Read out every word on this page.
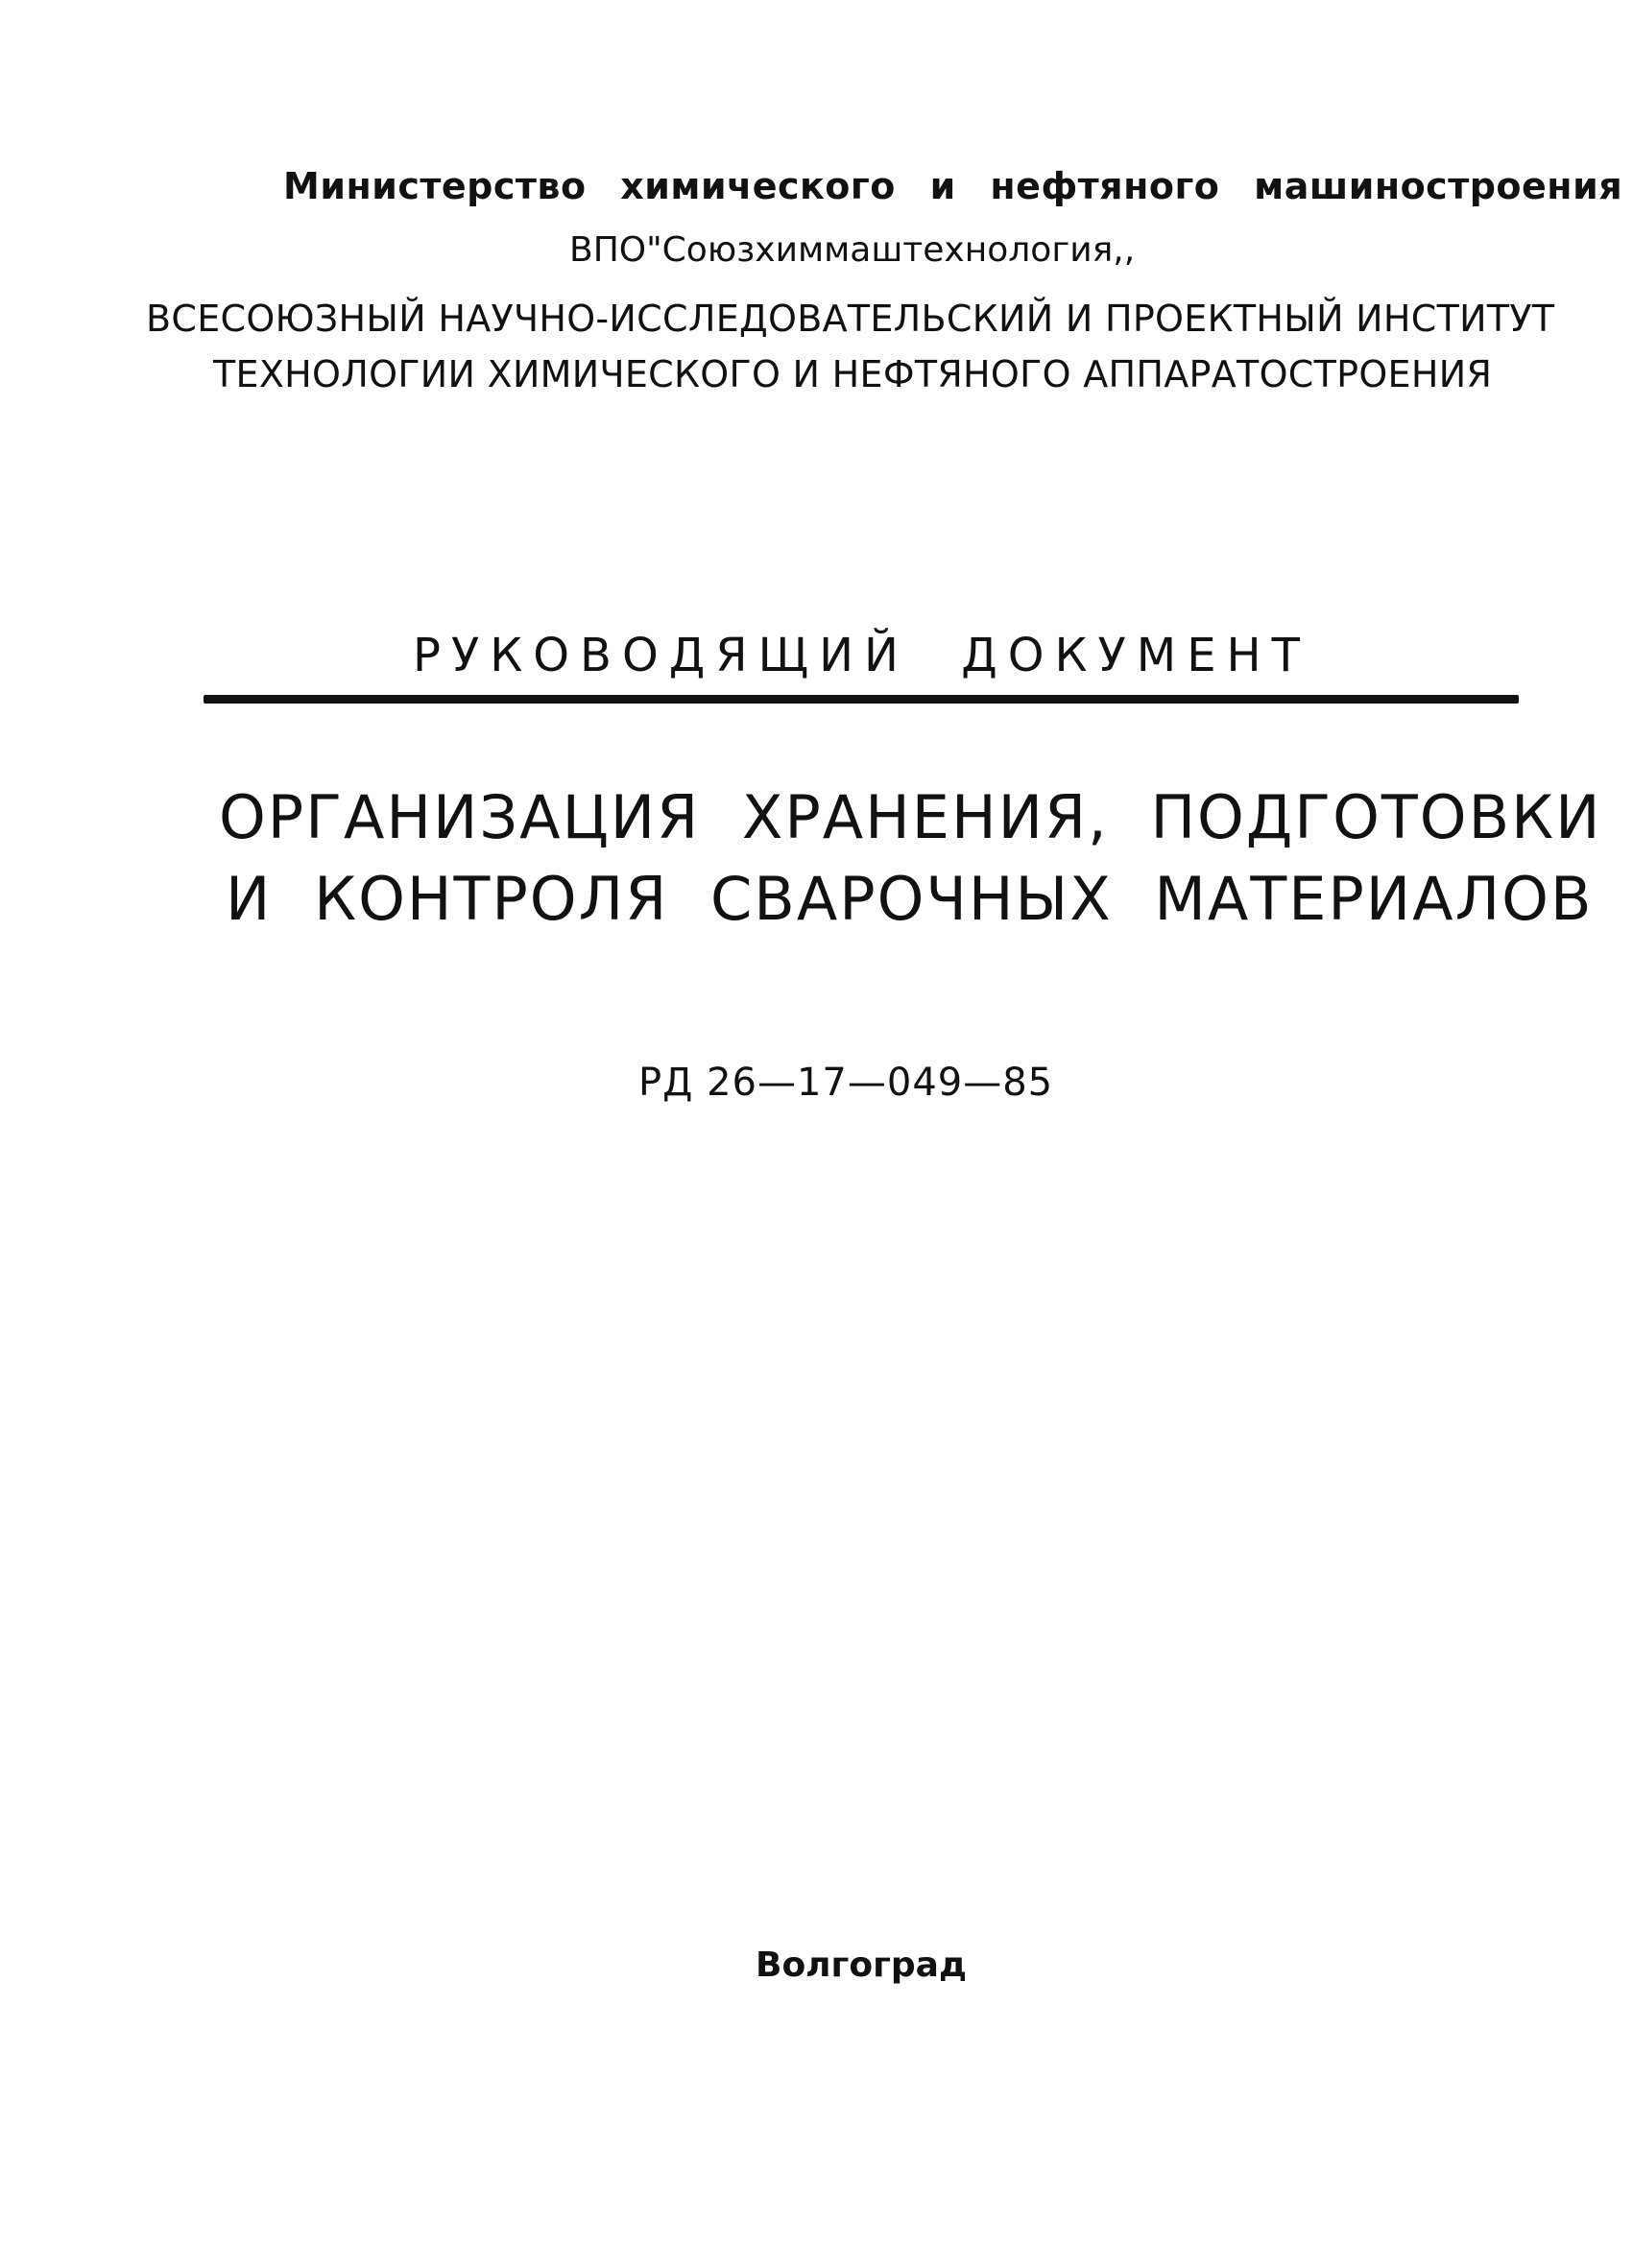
Министерство химического и нефтяного машиностроения
ВПО"Союзхиммаштехнология,,
ВСЕСОЮЗНЫЙ НАУЧНО-ИССЛЕДОВАТЕЛЬСКИЙ И ПРОЕКТНЫЙ ИНСТИТУТ
ТЕХНОЛОГИИ ХИМИЧЕСКОГО И НЕФТЯНОГО АППАРАТОСТРОЕНИЯ
РУКОВОДЯЩИЙ ДОКУМЕНТ
ОРГАНИЗАЦИЯ ХРАНЕНИЯ, ПОДГОТОВКИ
И КОНТРОЛЯ СВАРОЧНЫХ МАТЕРИАЛОВ
РД 26—17—049—85
Волгоград
